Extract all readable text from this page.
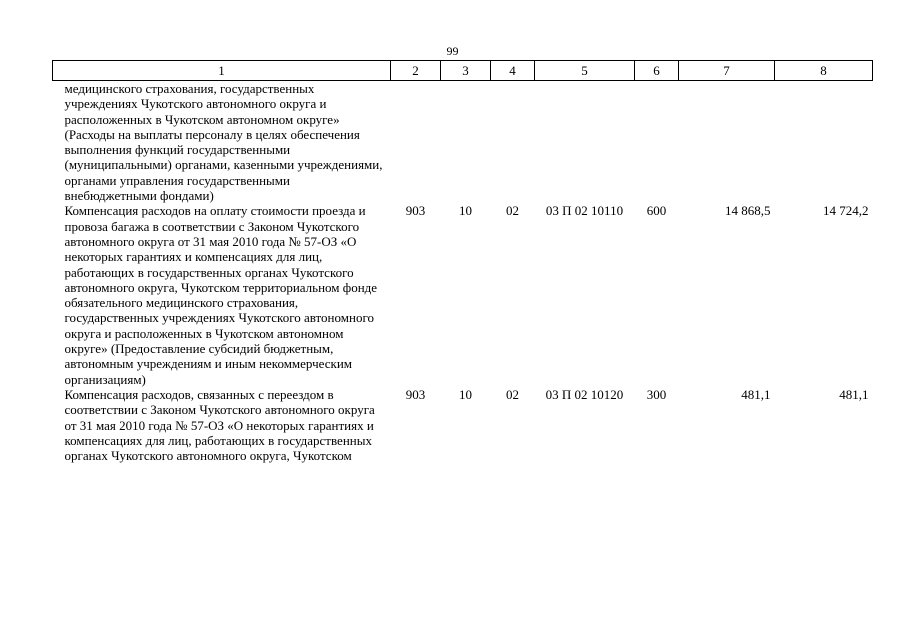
99
1	2	3	4	5	6	7	8
медицинского страхования, государственных учреждениях Чукотского автономного округа и расположенных в Чукотском автономном округе» (Расходы на выплаты персоналу в целях обеспечения выполнения функций государственными (муниципальными) органами, казенными учреждениями, органами управления государственными внебюджетными фондами)							
Компенсация расходов на оплату стоимости проезда и провоза багажа в соответствии с Законом Чукотского автономного округа от 31 мая 2010 года № 57-ОЗ «О некоторых гарантиях и компенсациях для лиц, работающих в государственных органах Чукотского автономного округа, Чукотском территориальном фонде обязательного медицинского страхования, государственных учреждениях Чукотского автономного округа и расположенных в Чукотском автономном округе» (Предоставление субсидий бюджетным, автономным учреждениям и иным некоммерческим организациям)	903	10	02	03 П 02 10110	600	14 868,5	14 724,2
Компенсация расходов, связанных с переездом в соответствии с Законом Чукотского автономного округа от 31 мая 2010 года № 57-ОЗ «О некоторых гарантиях и компенсациях для лиц, работающих в государственных органах Чукотского автономного округа, Чукотском	903	10	02	03 П 02 10120	300	481,1	481,1
